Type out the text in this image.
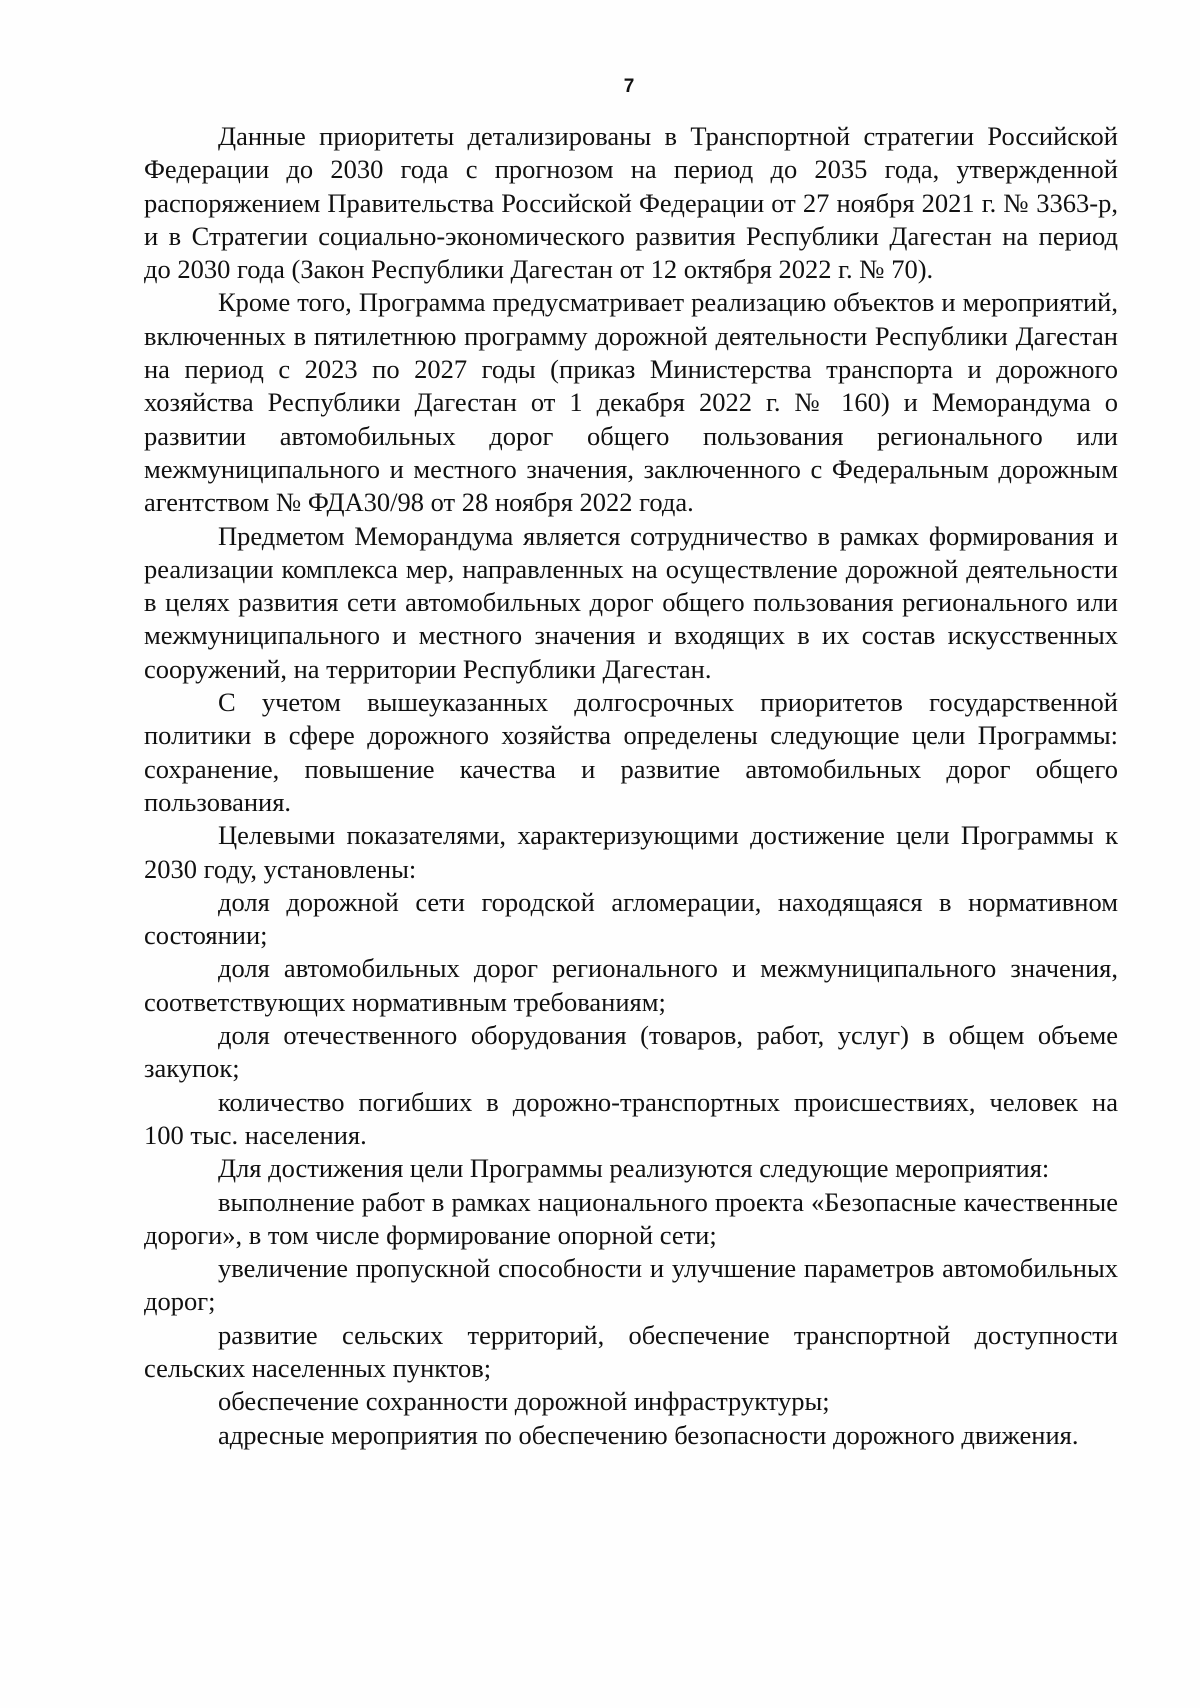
7

Данные приоритеты детализированы в Транспортной стратегии Российской Федерации до 2030 года с прогнозом на период до 2035 года, утвержденной распоряжением Правительства Российской Федерации от 27 ноября 2021 г. № 3363-р, и в Стратегии социально-экономического развития Республики Дагестан на период до 2030 года (Закон Республики Дагестан от 12 октября 2022 г. № 70).

Кроме того, Программа предусматривает реализацию объектов и мероприятий, включенных в пятилетнюю программу дорожной деятельности Республики Дагестан на период с 2023 по 2027 годы (приказ Министерства транспорта и дорожного хозяйства Республики Дагестан от 1 декабря 2022 г. № 160) и Меморандума о развитии автомобильных дорог общего пользования регионального или межмуниципального и местного значения, заключенного с Федеральным дорожным агентством № ФДА30/98 от 28 ноября 2022 года.

Предметом Меморандума является сотрудничество в рамках формирования и реализации комплекса мер, направленных на осуществление дорожной деятельности в целях развития сети автомобильных дорог общего пользования регионального или межмуниципального и местного значения и входящих в их состав искусственных сооружений, на территории Республики Дагестан.

С учетом вышеуказанных долгосрочных приоритетов государственной политики в сфере дорожного хозяйства определены следующие цели Программы: сохранение, повышение качества и развитие автомобильных дорог общего пользования.

Целевыми показателями, характеризующими достижение цели Программы к 2030 году, установлены:

доля дорожной сети городской агломерации, находящаяся в нормативном состоянии;

доля автомобильных дорог регионального и межмуниципального значения, соответствующих нормативным требованиям;

доля отечественного оборудования (товаров, работ, услуг) в общем объеме закупок;

количество погибших в дорожно-транспортных происшествиях, человек на 100 тыс. населения.

Для достижения цели Программы реализуются следующие мероприятия:

выполнение работ в рамках национального проекта «Безопасные качественные дороги», в том числе формирование опорной сети;

увеличение пропускной способности и улучшение параметров автомобильных дорог;

развитие сельских территорий, обеспечение транспортной доступности сельских населенных пунктов;

обеспечение сохранности дорожной инфраструктуры;

адресные мероприятия по обеспечению безопасности дорожного движения.
